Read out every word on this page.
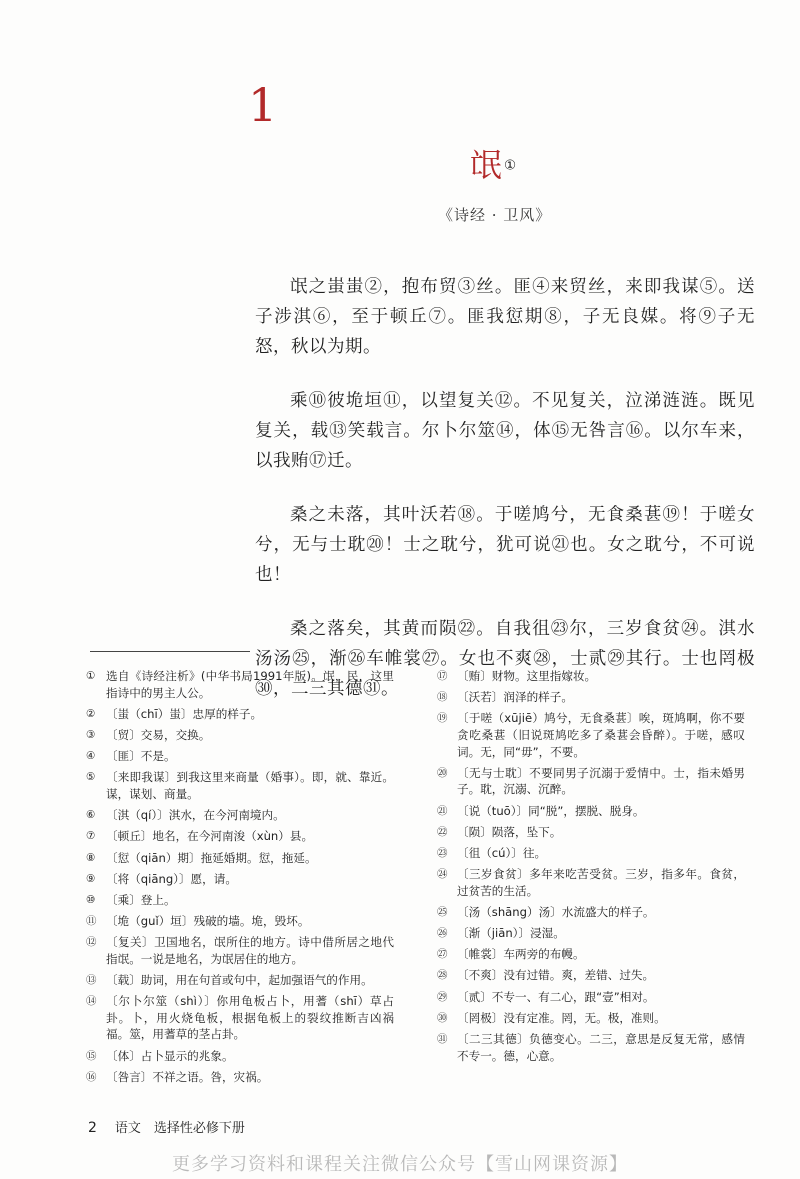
1
氓①
《诗经 · 卫风》

氓之蚩蚩②，抱布贸③丝。匪④来贸丝，来即我谋⑤。送子涉淇⑥，至于顿丘⑦。匪我愆期⑧，子无良媒。将⑨子无怒，秋以为期。

乘⑩彼垝垣⑪，以望复关⑫。不见复关，泣涕涟涟。既见复关，载⑬笑载言。尔卜尔筮⑭，体⑮无咎言⑯。以尔车来，以我贿⑰迁。

桑之未落，其叶沃若⑱。于嗟鸠兮，无食桑葚⑲！于嗟女兮，无与士耽⑳！士之耽兮，犹可说㉑也。女之耽兮，不可说也！

桑之落矣，其黄而陨㉒。自我徂㉓尔，三岁食贫㉔。淇水汤汤㉕，渐㉖车帷裳㉗。女也不爽㉘，士贰㉙其行。士也罔极㉚，二三其德㉛。

① 选自《诗经注析》(中华书局1991年版)。氓，民，这里指诗中的男主人公。
② 〔蚩（chī）蚩〕忠厚的样子。
③ 〔贸〕交易，交换。
④ 〔匪〕不是。
⑤ 〔来即我谋〕到我这里来商量（婚事）。即，就、靠近。谋，谋划、商量。
⑥ 〔淇（qí）〕淇水，在今河南境内。
⑦ 〔顿丘〕地名，在今河南浚（xùn）县。
⑧ 〔愆（qiān）期〕拖延婚期。愆，拖延。
⑨ 〔将（qiāng）〕愿，请。
⑩ 〔乘〕登上。
⑪ 〔垝（guǐ）垣〕残破的墙。垝，毁坏。
⑫ 〔复关〕卫国地名，氓所住的地方。诗中借所居之地代指氓。一说是地名，为氓居住的地方。
⑬ 〔载〕助词，用在句首或句中，起加强语气的作用。
⑭ 〔尔卜尔筮（shì）〕你用龟板占卜，用蓍（shī）草占卦。卜，用火烧龟板，根据龟板上的裂纹推断吉凶祸福。筮，用蓍草的茎占卦。
⑮ 〔体〕占卜显示的兆象。
⑯ 〔咎言〕不祥之语。咎，灾祸。
⑰ 〔贿〕财物。这里指嫁妆。
⑱ 〔沃若〕润泽的样子。
⑲ 〔于嗟（xūjiē）鸠兮，无食桑葚〕唉，斑鸠啊，你不要贪吃桑葚（旧说斑鸠吃多了桑葚会昏醉）。于嗟，感叹词。无，同“毋”，不要。
⑳ 〔无与士耽〕不要同男子沉溺于爱情中。士，指未婚男子。耽，沉溺、沉醉。
㉑ 〔说（tuō）〕同“脱”，摆脱、脱身。
㉒ 〔陨〕陨落，坠下。
㉓ 〔徂（cú）〕往。
㉔ 〔三岁食贫〕多年来吃苦受贫。三岁，指多年。食贫，过贫苦的生活。
㉕ 〔汤（shāng）汤〕水流盛大的样子。
㉖ 〔渐（jiān）〕浸湿。
㉗ 〔帷裳〕车两旁的布幔。
㉘ 〔不爽〕没有过错。爽，差错、过失。
㉙ 〔贰〕不专一、有二心，跟“壹”相对。
㉚ 〔罔极〕没有定准。罔，无。极，准则。
㉛ 〔二三其德〕负德变心。二三，意思是反复无常，感情不专一。德，心意。
2 语文　选择性必修下册
更多学习资料和课程关注微信公众号【雪山网课资源】
